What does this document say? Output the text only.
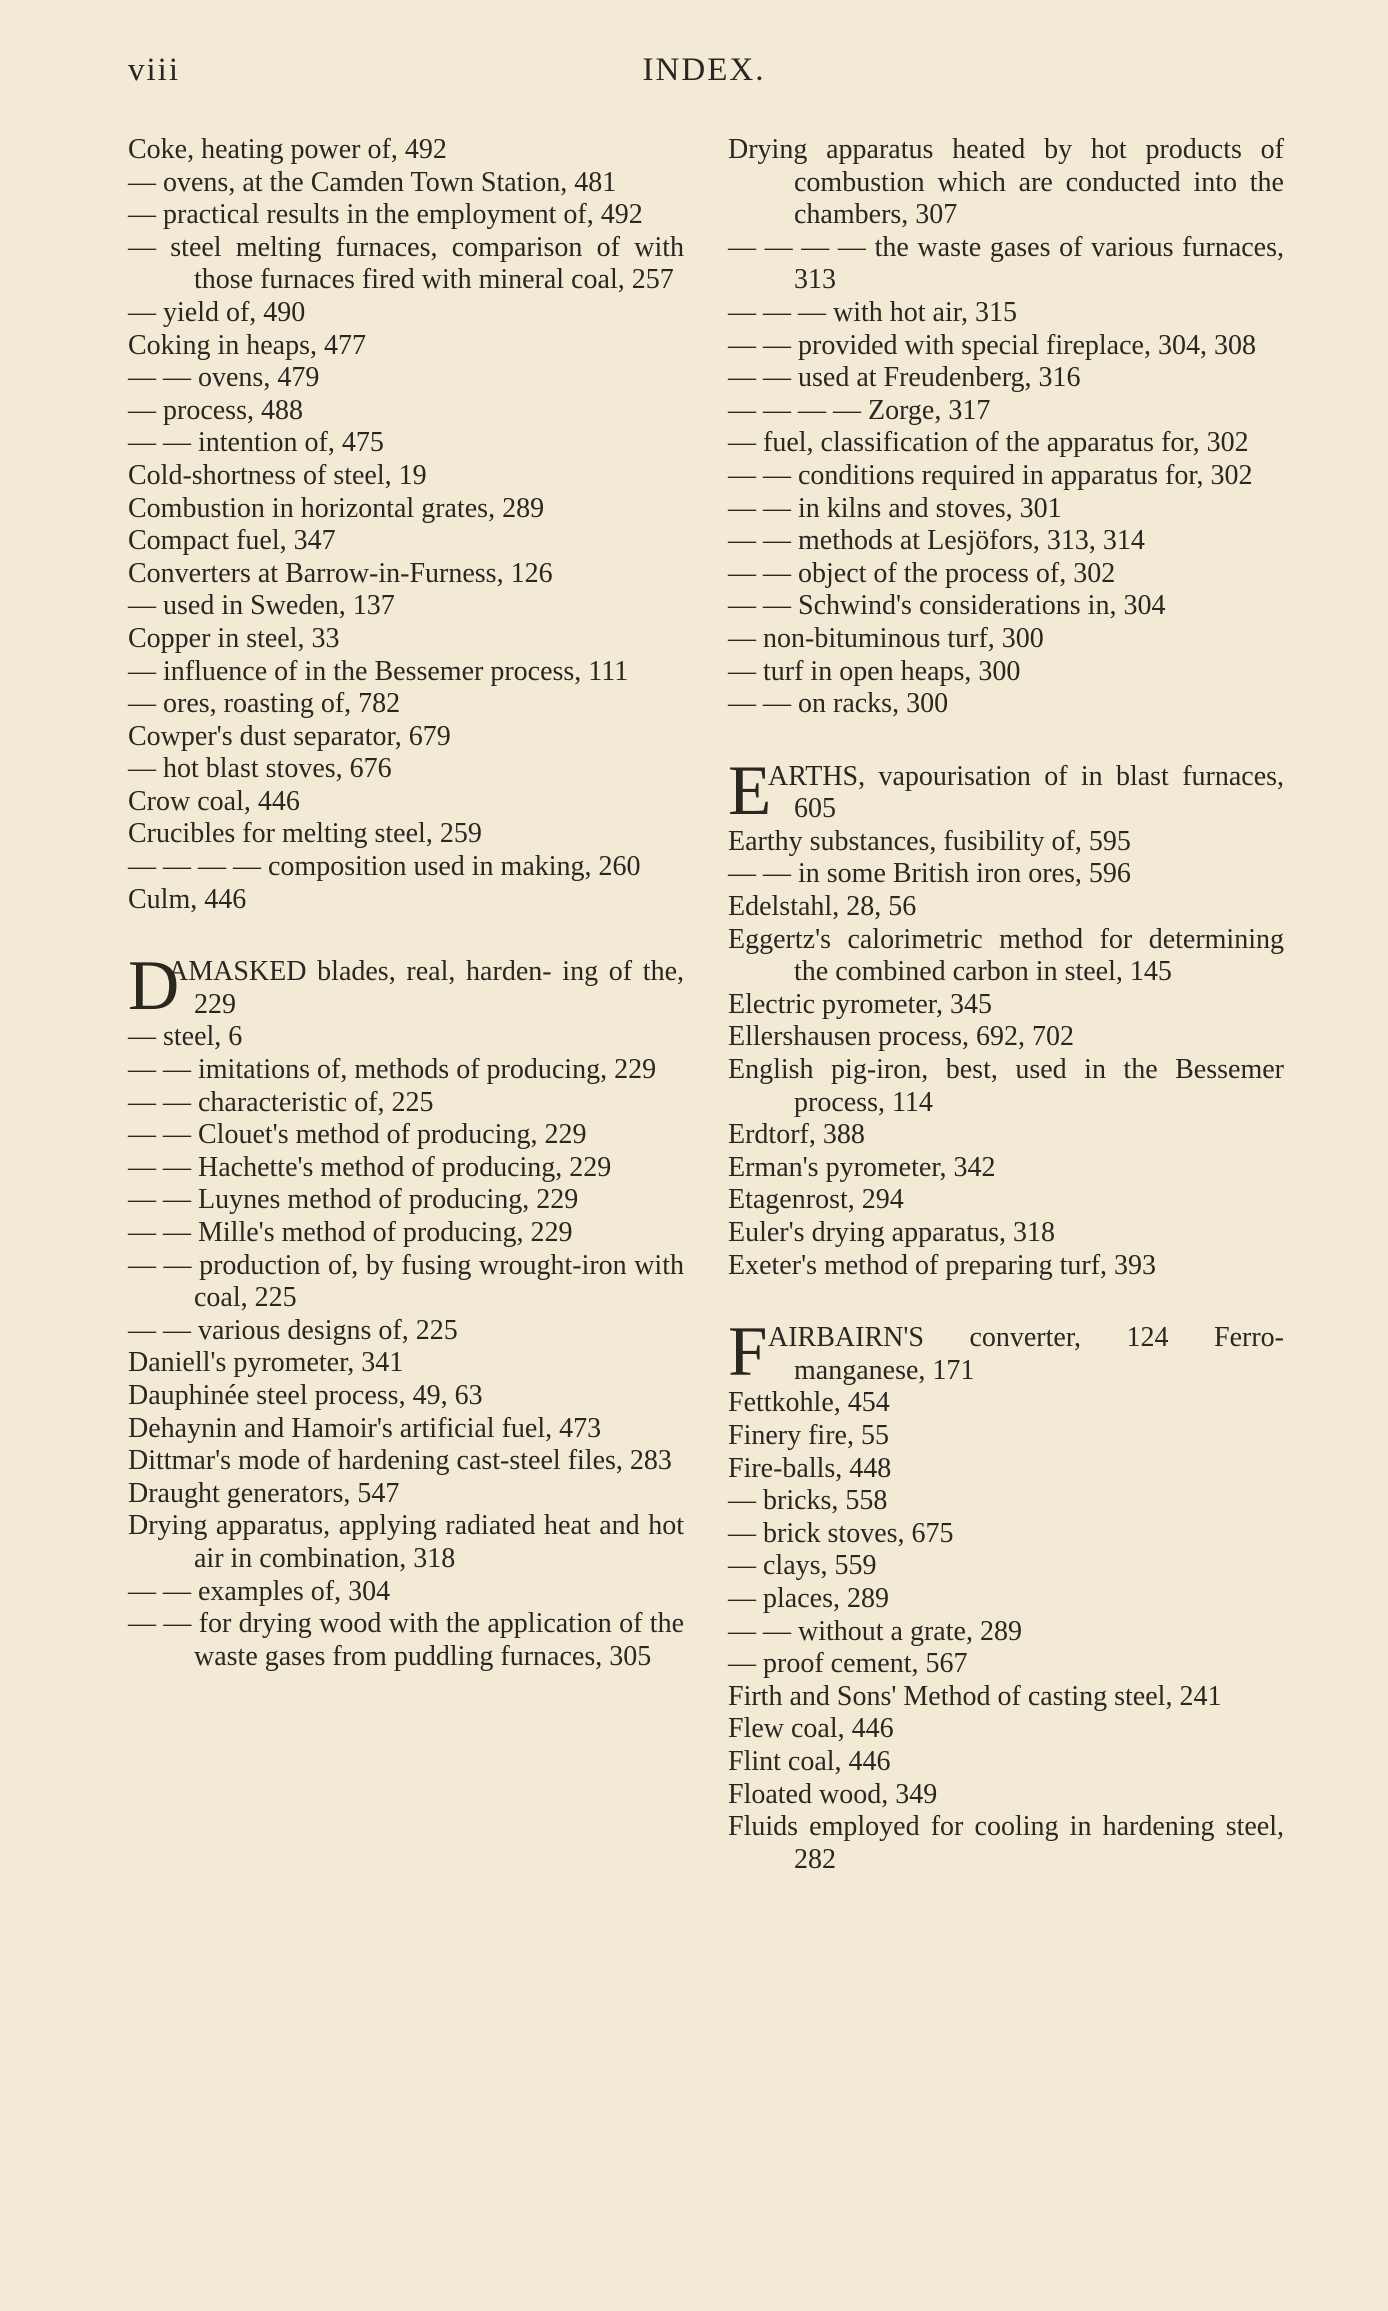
viii	INDEX.
Coke, heating power of, 492
— ovens, at the Camden Town Station, 481
— practical results in the employment of, 492
— steel melting furnaces, comparison of with those furnaces fired with mineral coal, 257
— yield of, 490
Coking in heaps, 477
— — ovens, 479
— process, 488
— — intention of, 475
Cold-shortness of steel, 19
Combustion in horizontal grates, 289
Compact fuel, 347
Converters at Barrow-in-Furness, 126
— used in Sweden, 137
Copper in steel, 33
— influence of in the Bessemer process, 111
— ores, roasting of, 782
Cowper's dust separator, 679
— hot blast stoves, 676
Crow coal, 446
Crucibles for melting steel, 259
— — — — composition used in making, 260
Culm, 446
D
AMASKED blades, real, harden- ing of the, 229
— steel, 6
— — imitations of, methods of producing, 229
— — characteristic of, 225
— — Clouet's method of producing, 229
— — Hachette's method of producing, 229
— — Luynes method of producing, 229
— — Mille's method of producing, 229
— — production of, by fusing wrought-iron with coal, 225
— — various designs of, 225
Daniell's pyrometer, 341
Dauphinée steel process, 49, 63
Dehaynin and Hamoir's artificial fuel, 473
Dittmar's mode of hardening cast-steel files, 283
Draught generators, 547
Drying apparatus, applying radiated heat and hot air in combination, 318
— — examples of, 304
— — for drying wood with the application of the waste gases from puddling furnaces, 305
Drying apparatus heated by hot products of combustion which are conducted into the chambers, 307
— — — — the waste gases of various furnaces, 313
— — — with hot air, 315
— — provided with special fireplace, 304, 308
— — used at Freudenberg, 316
— — — — Zorge, 317
— fuel, classification of the apparatus for, 302
— — conditions required in apparatus for, 302
— — in kilns and stoves, 301
— — methods at Lesjöfors, 313, 314
— — object of the process of, 302
— — Schwind's considerations in, 304
— non-bituminous turf, 300
— turf in open heaps, 300
— — on racks, 300
E
ARTHS, vapourisation of in blast furnaces, 605
Earthy substances, fusibility of, 595
— — in some British iron ores, 596
Edelstahl, 28, 56
Eggertz's calorimetric method for determining the combined carbon in steel, 145
Electric pyrometer, 345
Ellershausen process, 692, 702
English pig-iron, best, used in the Bessemer process, 114
Erdtorf, 388
Erman's pyrometer, 342
Etagenrost, 294
Euler's drying apparatus, 318
Exeter's method of preparing turf, 393
F AIRBAIRN'S converter, 124 Ferro-manganese, 171
Fettkohle, 454
Finery fire, 55
Fire-balls, 448
— bricks, 558
— brick stoves, 675
— clays, 559
— places, 289
— — without a grate, 289
— proof cement, 567
Firth and Sons' Method of casting steel, 241
Flew coal, 446
Flint coal, 446
Floated wood, 349
Fluids employed for cooling in hardening steel, 282
